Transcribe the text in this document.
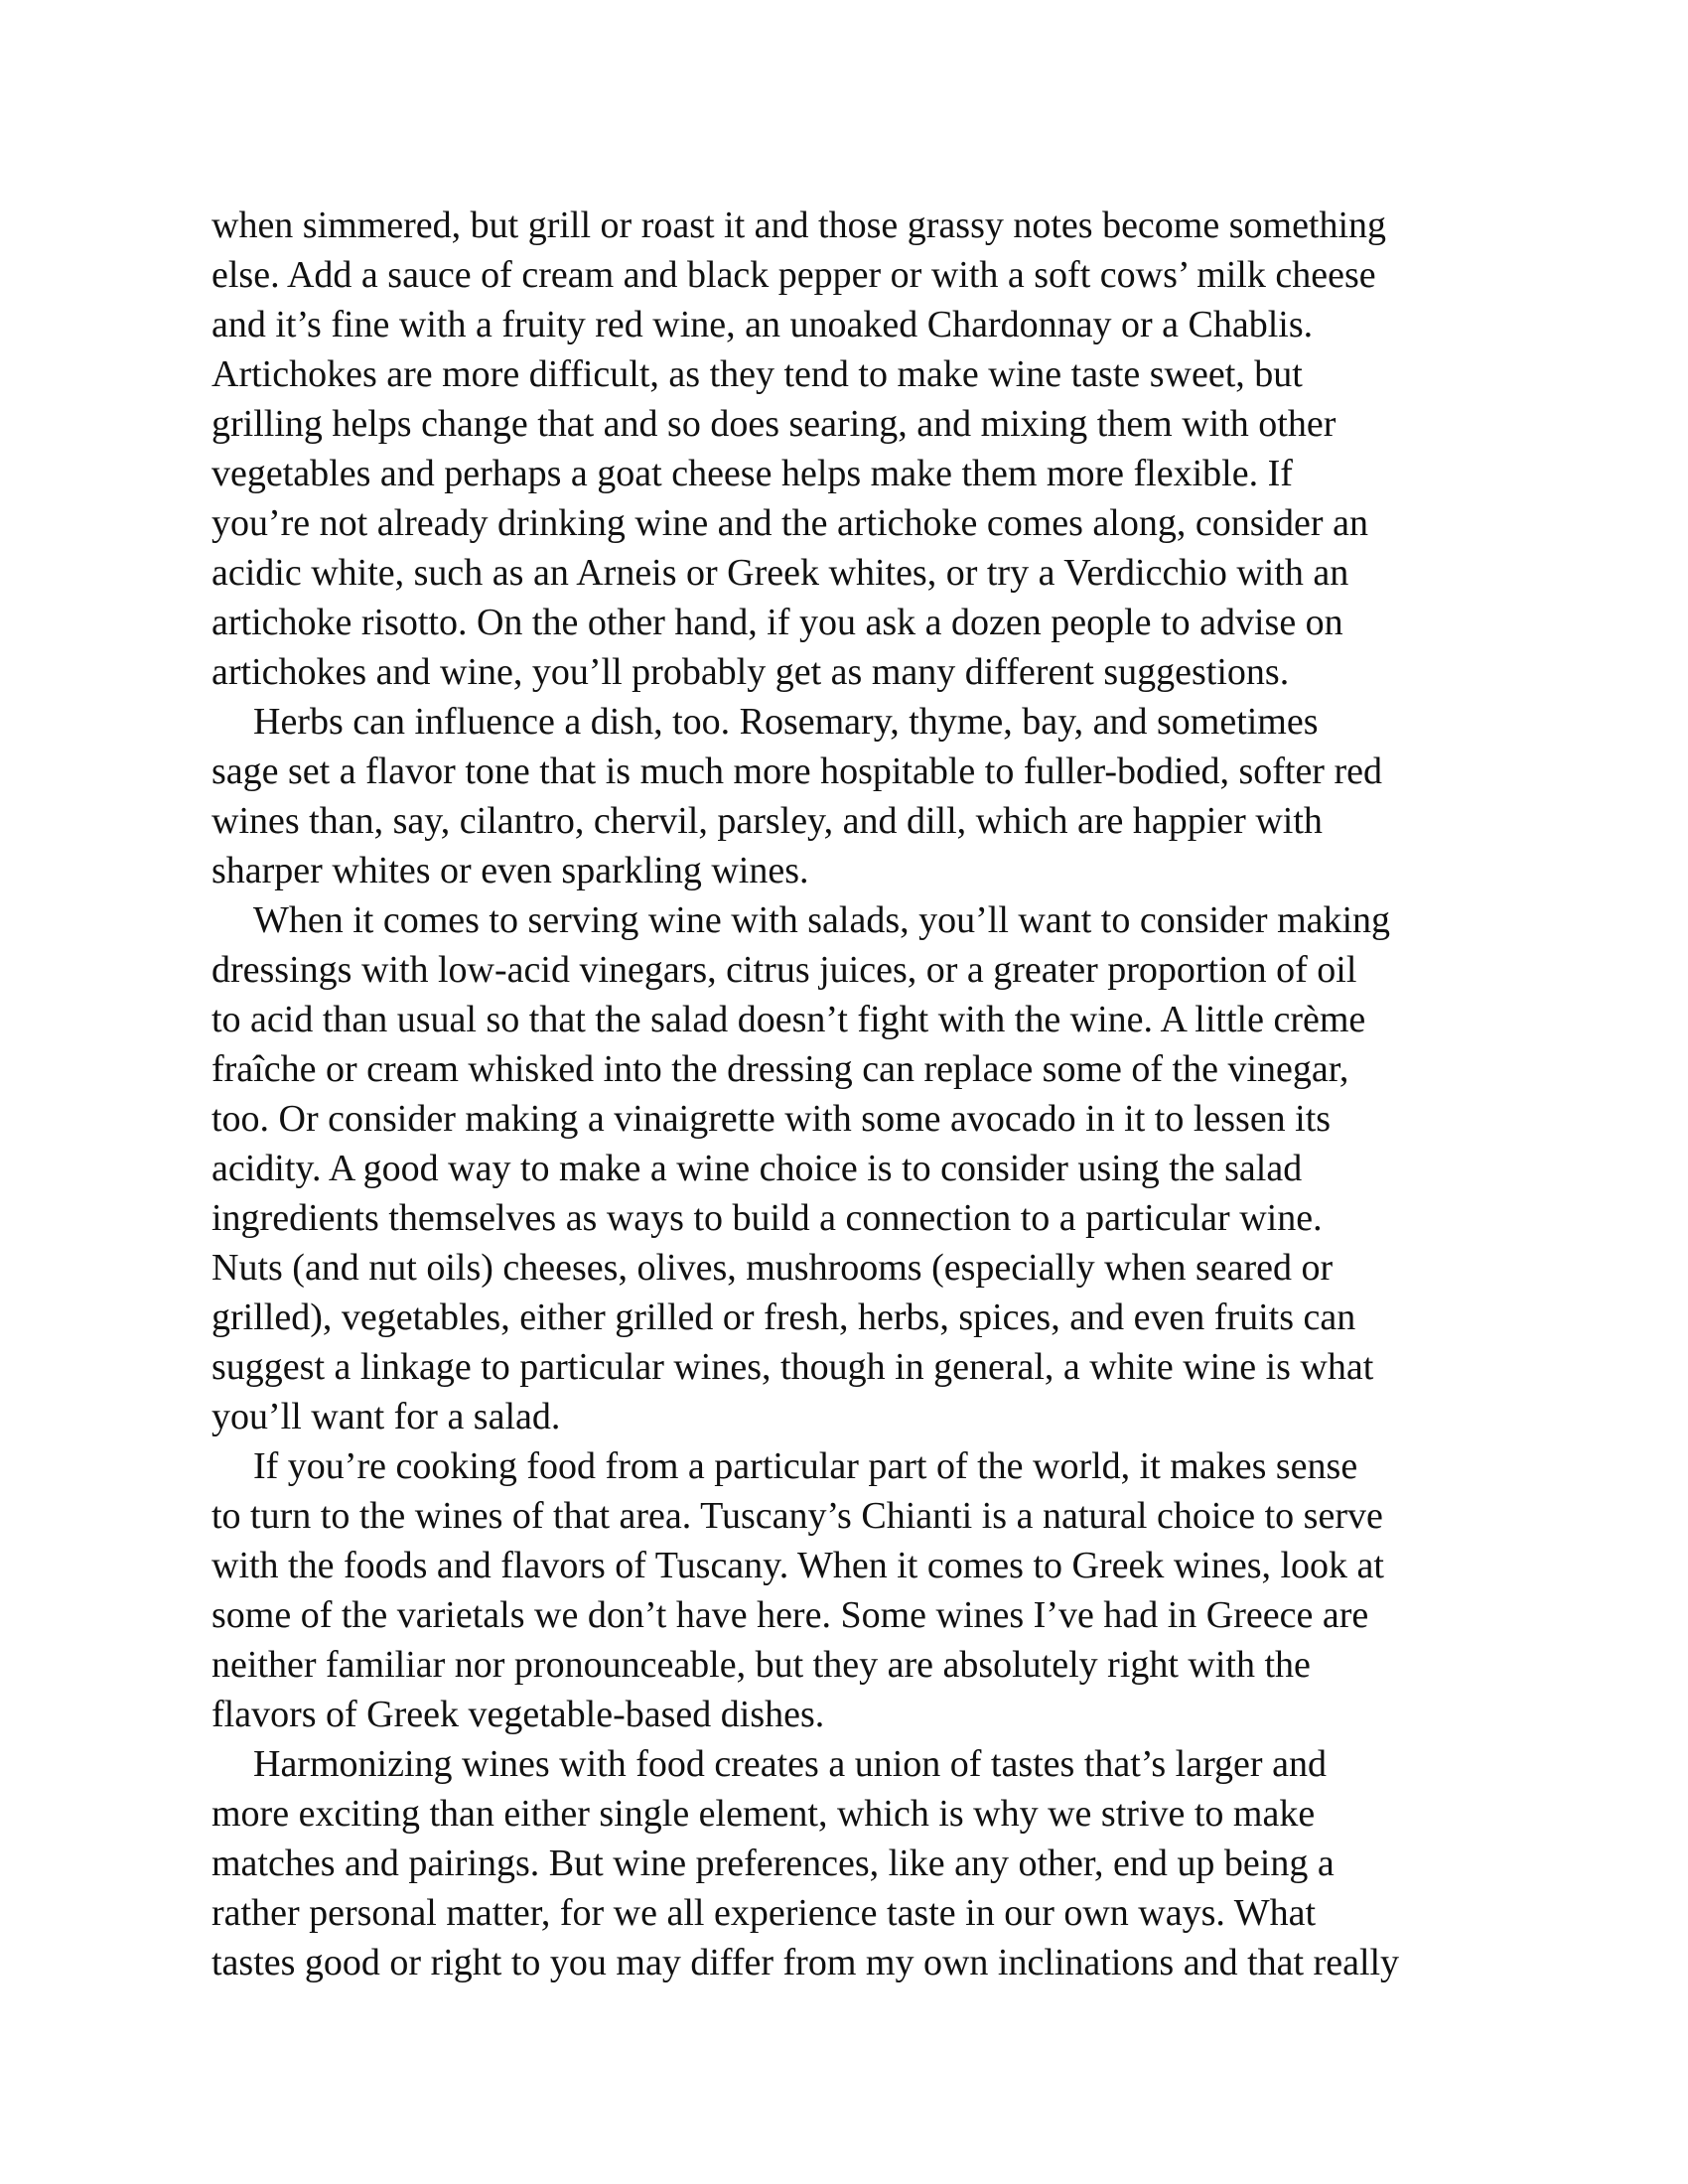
when simmered, but grill or roast it and those grassy notes become something
else. Add a sauce of cream and black pepper or with a soft cows’ milk cheese
and it’s fine with a fruity red wine, an unoaked Chardonnay or a Chablis.
Artichokes are more difficult, as they tend to make wine taste sweet, but
grilling helps change that and so does searing, and mixing them with other
vegetables and perhaps a goat cheese helps make them more flexible. If
you’re not already drinking wine and the artichoke comes along, consider an
acidic white, such as an Arneis or Greek whites, or try a Verdicchio with an
artichoke risotto. On the other hand, if you ask a dozen people to advise on
artichokes and wine, you’ll probably get as many different suggestions.
Herbs can influence a dish, too. Rosemary, thyme, bay, and sometimes
sage set a flavor tone that is much more hospitable to fuller-bodied, softer red
wines than, say, cilantro, chervil, parsley, and dill, which are happier with
sharper whites or even sparkling wines.
When it comes to serving wine with salads, you’ll want to consider making
dressings with low-acid vinegars, citrus juices, or a greater proportion of oil
to acid than usual so that the salad doesn’t fight with the wine. A little crème
fraîche or cream whisked into the dressing can replace some of the vinegar,
too. Or consider making a vinaigrette with some avocado in it to lessen its
acidity. A good way to make a wine choice is to consider using the salad
ingredients themselves as ways to build a connection to a particular wine.
Nuts (and nut oils) cheeses, olives, mushrooms (especially when seared or
grilled), vegetables, either grilled or fresh, herbs, spices, and even fruits can
suggest a linkage to particular wines, though in general, a white wine is what
you’ll want for a salad.
If you’re cooking food from a particular part of the world, it makes sense
to turn to the wines of that area. Tuscany’s Chianti is a natural choice to serve
with the foods and flavors of Tuscany. When it comes to Greek wines, look at
some of the varietals we don’t have here. Some wines I’ve had in Greece are
neither familiar nor pronounceable, but they are absolutely right with the
flavors of Greek vegetable-based dishes.
Harmonizing wines with food creates a union of tastes that’s larger and
more exciting than either single element, which is why we strive to make
matches and pairings. But wine preferences, like any other, end up being a
rather personal matter, for we all experience taste in our own ways. What
tastes good or right to you may differ from my own inclinations and that really
